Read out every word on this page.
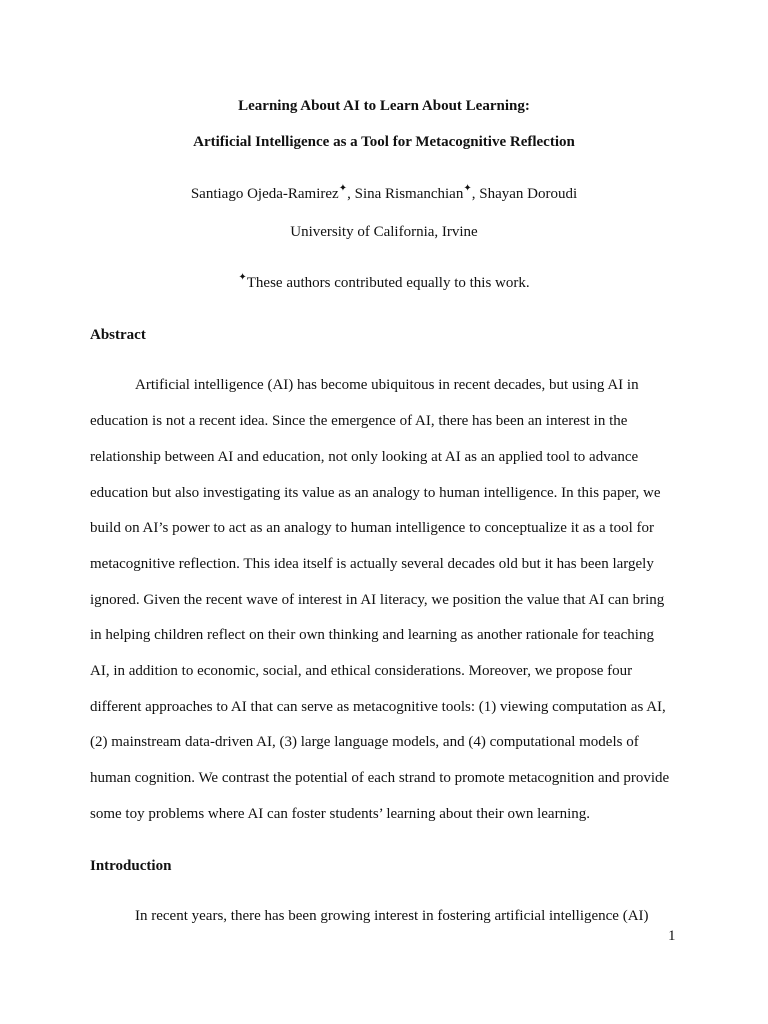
Learning About AI to Learn About Learning:
Artificial Intelligence as a Tool for Metacognitive Reflection
Santiago Ojeda-Ramirez✦, Sina Rismanchian✦, Shayan Doroudi
University of California, Irvine
✦These authors contributed equally to this work.
Abstract
Artificial intelligence (AI) has become ubiquitous in recent decades, but using AI in
education is not a recent idea. Since the emergence of AI, there has been an interest in the
relationship between AI and education, not only looking at AI as an applied tool to advance
education but also investigating its value as an analogy to human intelligence. In this paper, we
build on AI’s power to act as an analogy to human intelligence to conceptualize it as a tool for
metacognitive reflection. This idea itself is actually several decades old but it has been largely
ignored. Given the recent wave of interest in AI literacy, we position the value that AI can bring
in helping children reflect on their own thinking and learning as another rationale for teaching
AI, in addition to economic, social, and ethical considerations. Moreover, we propose four
different approaches to AI that can serve as metacognitive tools: (1) viewing computation as AI,
(2) mainstream data-driven AI, (3) large language models, and (4) computational models of
human cognition. We contrast the potential of each strand to promote metacognition and provide
some toy problems where AI can foster students’ learning about their own learning.
Introduction
In recent years, there has been growing interest in fostering artificial intelligence (AI)
1
